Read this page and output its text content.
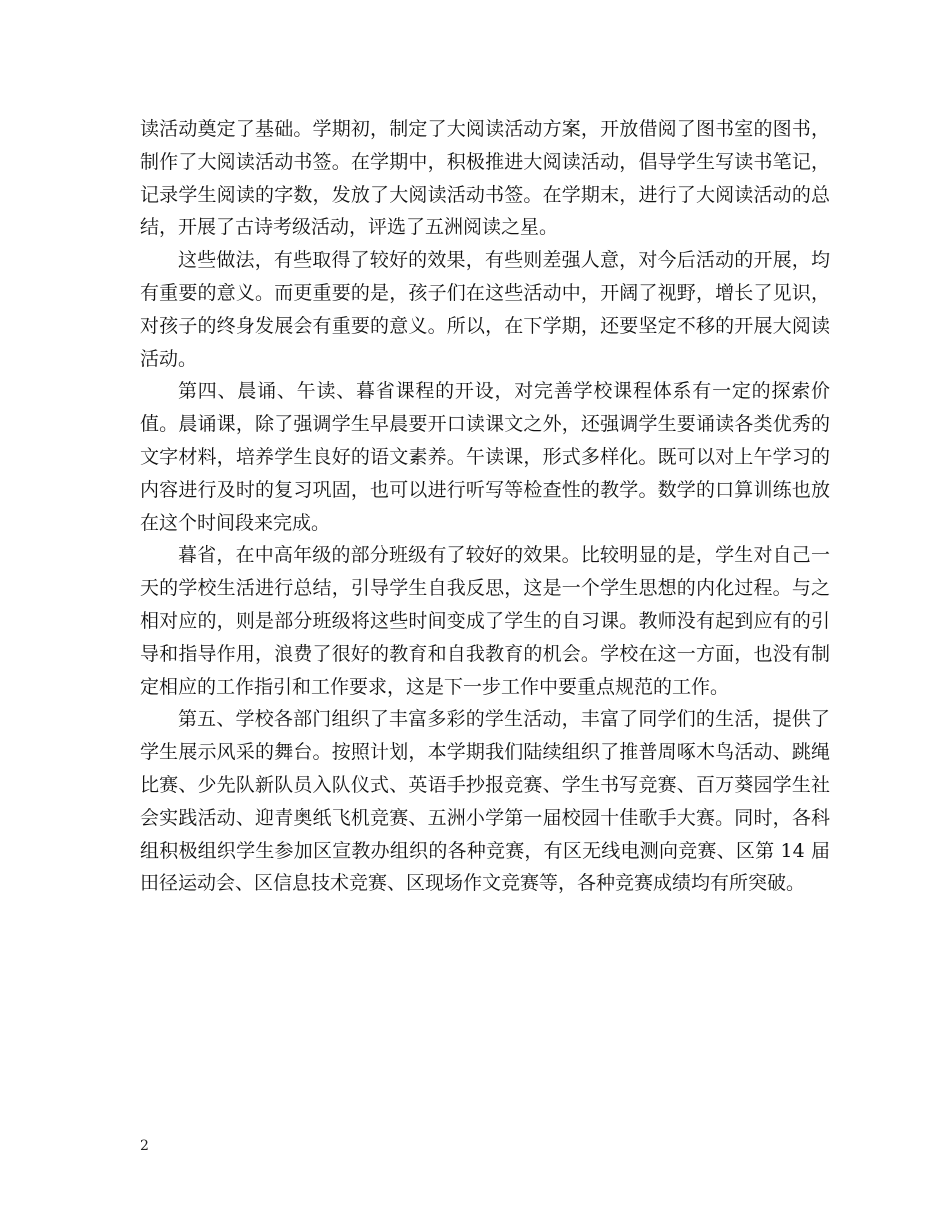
读活动奠定了基础。学期初，制定了大阅读活动方案，开放借阅了图书室的图书，制作了大阅读活动书签。在学期中，积极推进大阅读活动，倡导学生写读书笔记，记录学生阅读的字数，发放了大阅读活动书签。在学期末，进行了大阅读活动的总结，开展了古诗考级活动，评选了五洲阅读之星。

这些做法，有些取得了较好的效果，有些则差强人意，对今后活动的开展，均有重要的意义。而更重要的是，孩子们在这些活动中，开阔了视野，增长了见识，对孩子的终身发展会有重要的意义。所以，在下学期，还要坚定不移的开展大阅读活动。

第四、晨诵、午读、暮省课程的开设，对完善学校课程体系有一定的探索价值。晨诵课，除了强调学生早晨要开口读课文之外，还强调学生要诵读各类优秀的文字材料，培养学生良好的语文素养。午读课，形式多样化。既可以对上午学习的内容进行及时的复习巩固，也可以进行听写等检查性的教学。数学的口算训练也放在这个时间段来完成。

暮省，在中高年级的部分班级有了较好的效果。比较明显的是，学生对自己一天的学校生活进行总结，引导学生自我反思，这是一个学生思想的内化过程。与之相对应的，则是部分班级将这些时间变成了学生的自习课。教师没有起到应有的引导和指导作用，浪费了很好的教育和自我教育的机会。学校在这一方面，也没有制定相应的工作指引和工作要求，这是下一步工作中要重点规范的工作。

第五、学校各部门组织了丰富多彩的学生活动，丰富了同学们的生活，提供了学生展示风采的舞台。按照计划，本学期我们陆续组织了推普周啄木鸟活动、跳绳比赛、少先队新队员入队仪式、英语手抄报竞赛、学生书写竞赛、百万葵园学生社会实践活动、迎青奥纸飞机竞赛、五洲小学第一届校园十佳歌手大赛。同时，各科组积极组织学生参加区宣教办组织的各种竞赛，有区无线电测向竞赛、区第 14 届田径运动会、区信息技术竞赛、区现场作文竞赛等，各种竞赛成绩均有所突破。

2
